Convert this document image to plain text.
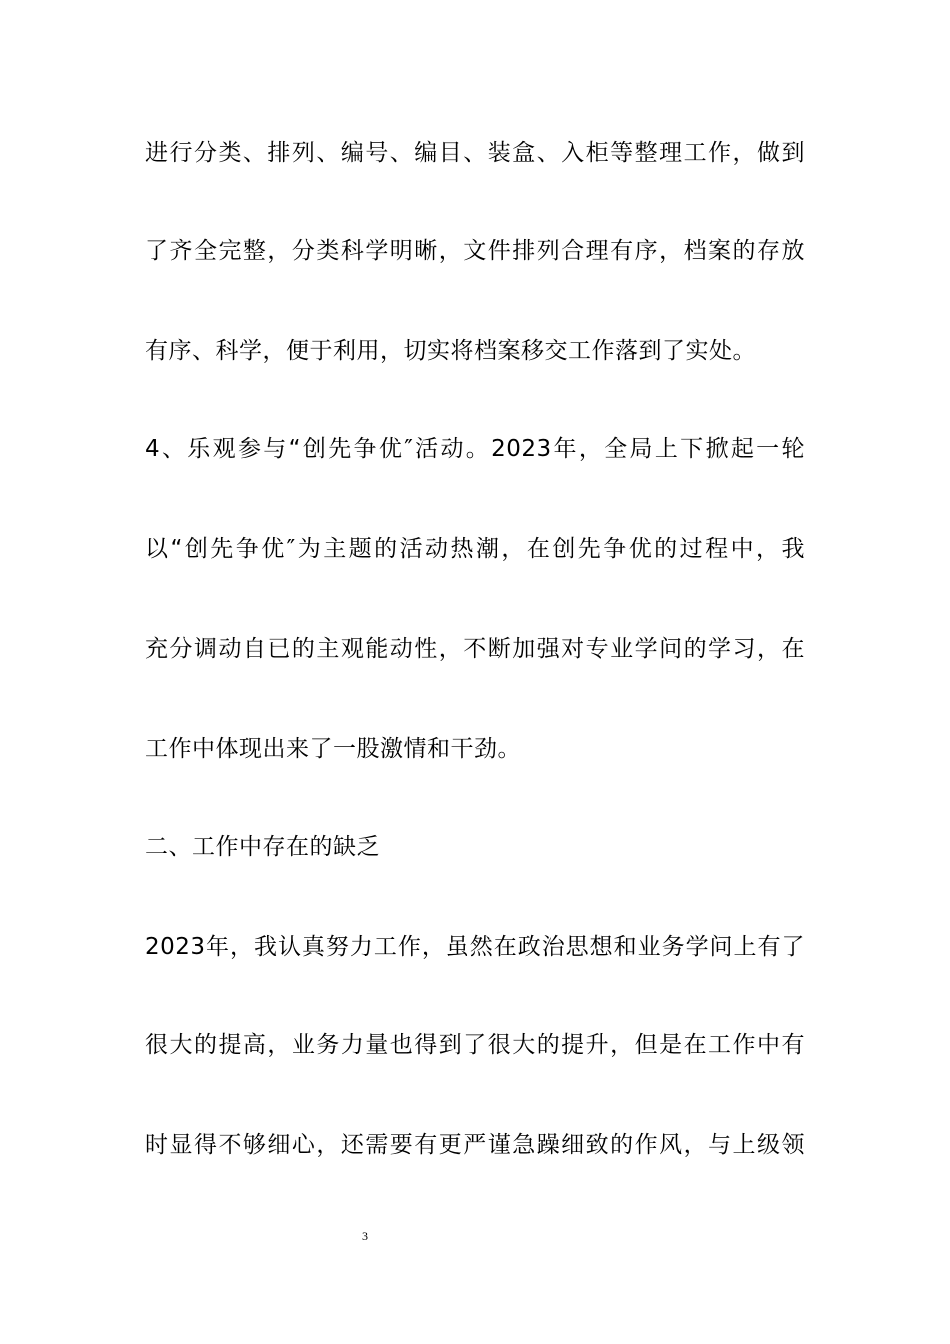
进行分类、排列、编号、编目、装盒、入柜等整理工作，做到
了齐全完整，分类科学明晰，文件排列合理有序，档案的存放
有序、科学，便于利用，切实将档案移交工作落到了实处。
4、乐观参与“创先争优″活动。2023年，全局上下掀起一轮
以“创先争优″为主题的活动热潮，在创先争优的过程中，我
充分调动自已的主观能动性，不断加强对专业学问的学习，在
工作中体现出来了一股激情和干劲。
二、工作中存在的缺乏
2023年，我认真努力工作，虽然在政治思想和业务学问上有了
很大的提高，业务力量也得到了很大的提升，但是在工作中有
时显得不够细心，还需要有更严谨急躁细致的作风，与上级领
3
